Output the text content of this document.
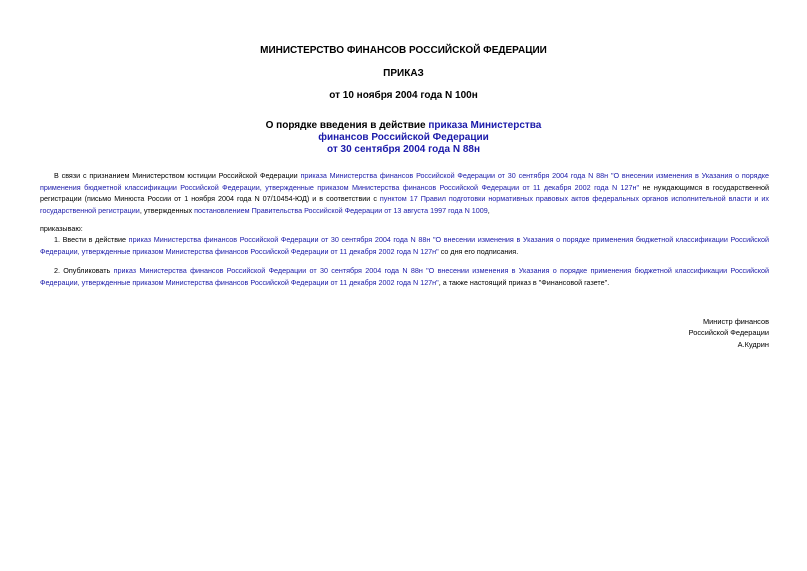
МИНИСТЕРСТВО ФИНАНСОВ РОССИЙСКОЙ ФЕДЕРАЦИИ
ПРИКАЗ
от 10 ноября 2004 года N 100н
О порядке введения в действие приказа Министерства
финансов Российской Федерации
от 30 сентября 2004 года N 88н

В связи с признанием Министерством юстиции Российской Федерации приказа Министерства финансов Российской Федерации от 30 сентября 2004 года N 88н "О внесении изменения в Указания о порядке применения бюджетной классификации Российской Федерации, утвержденные приказом Министерства финансов Российской Федерации от 11 декабря 2002 года N 127н" не нуждающимся в государственной регистрации (письмо Минюста России от 1 ноября 2004 года N 07/10454-ЮД) и в соответствии с пунктом 17 Правил подготовки нормативных правовых актов федеральных органов исполнительной власти и их государственной регистрации, утвержденных постановлением Правительства Российской Федерации от 13 августа 1997 года N 1009,

приказываю:

1. Ввести в действие приказ Министерства финансов Российской Федерации от 30 сентября 2004 года N 88н "О внесении изменения в Указания о порядке применения бюджетной классификации Российской Федерации, утвержденные приказом Министерства финансов Российской Федерации от 11 декабря 2002 года N 127н" со дня его подписания.

2. Опубликовать приказ Министерства финансов Российской Федерации от 30 сентября 2004 года N 88н "О внесении изменения в Указания о порядке применения бюджетной классификации Российской Федерации, утвержденные приказом Министерства финансов Российской Федерации от 11 декабря 2002 года N 127н", а также настоящий приказ в "Финансовой газете".

Министр финансов
Российской Федерации
А.Кудрин
